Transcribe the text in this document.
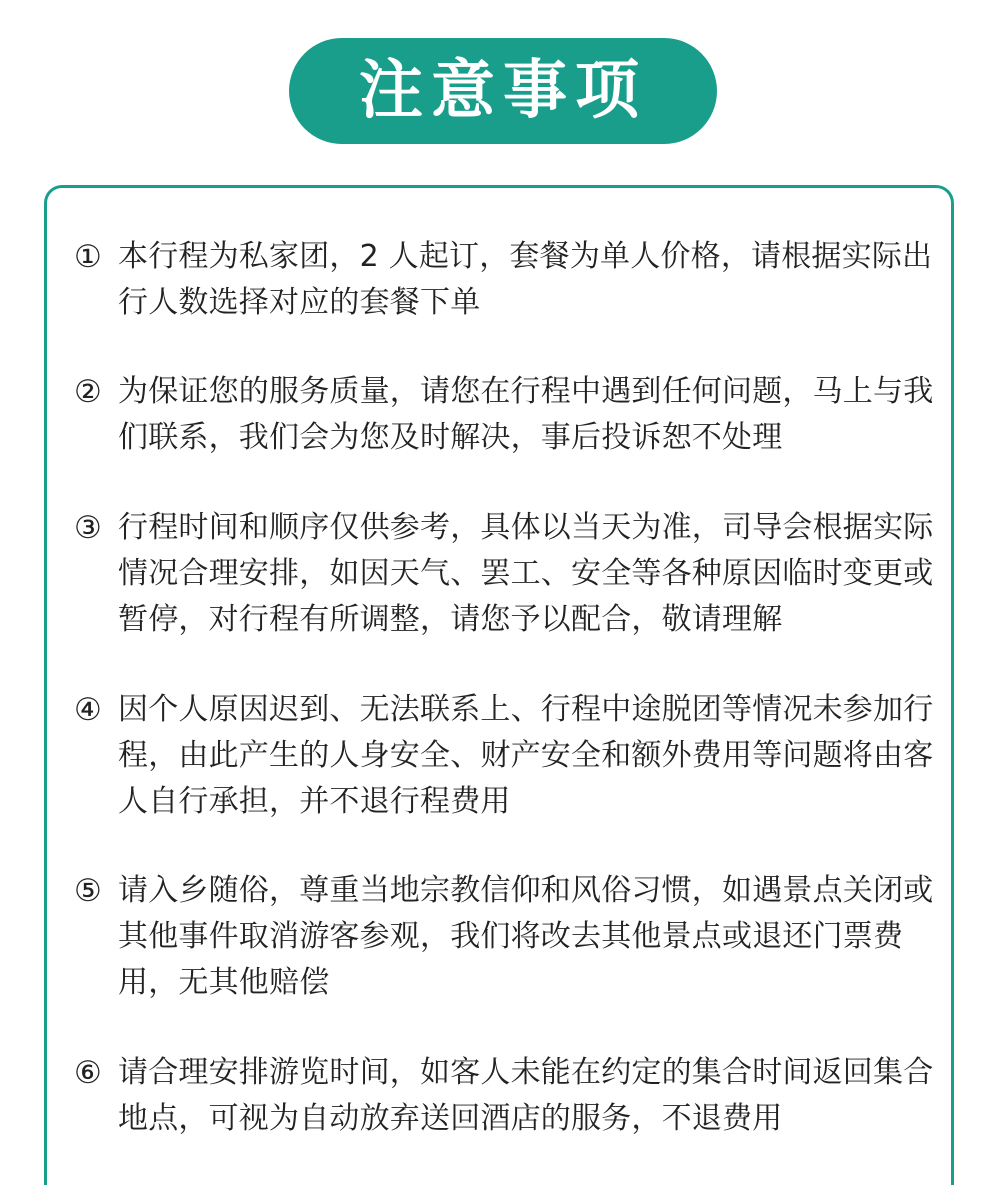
注意事项
① 本行程为私家团，2 人起订，套餐为单人价格，请根据实际出行人数选择对应的套餐下单
② 为保证您的服务质量，请您在行程中遇到任何问题，马上与我们联系，我们会为您及时解决，事后投诉恕不处理
③ 行程时间和顺序仅供参考，具体以当天为准，司导会根据实际情况合理安排，如因天气、罢工、安全等各种原因临时变更或暂停，对行程有所调整，请您予以配合，敬请理解
④ 因个人原因迟到、无法联系上、行程中途脱团等情况未参加行程，由此产生的人身安全、财产安全和额外费用等问题将由客人自行承担，并不退行程费用
⑤ 请入乡随俗，尊重当地宗教信仰和风俗习惯，如遇景点关闭或其他事件取消游客参观，我们将改去其他景点或退还门票费用，无其他赔偿
⑥ 请合理安排游览时间，如客人未能在约定的集合时间返回集合地点，可视为自动放弃送回酒店的服务，不退费用
